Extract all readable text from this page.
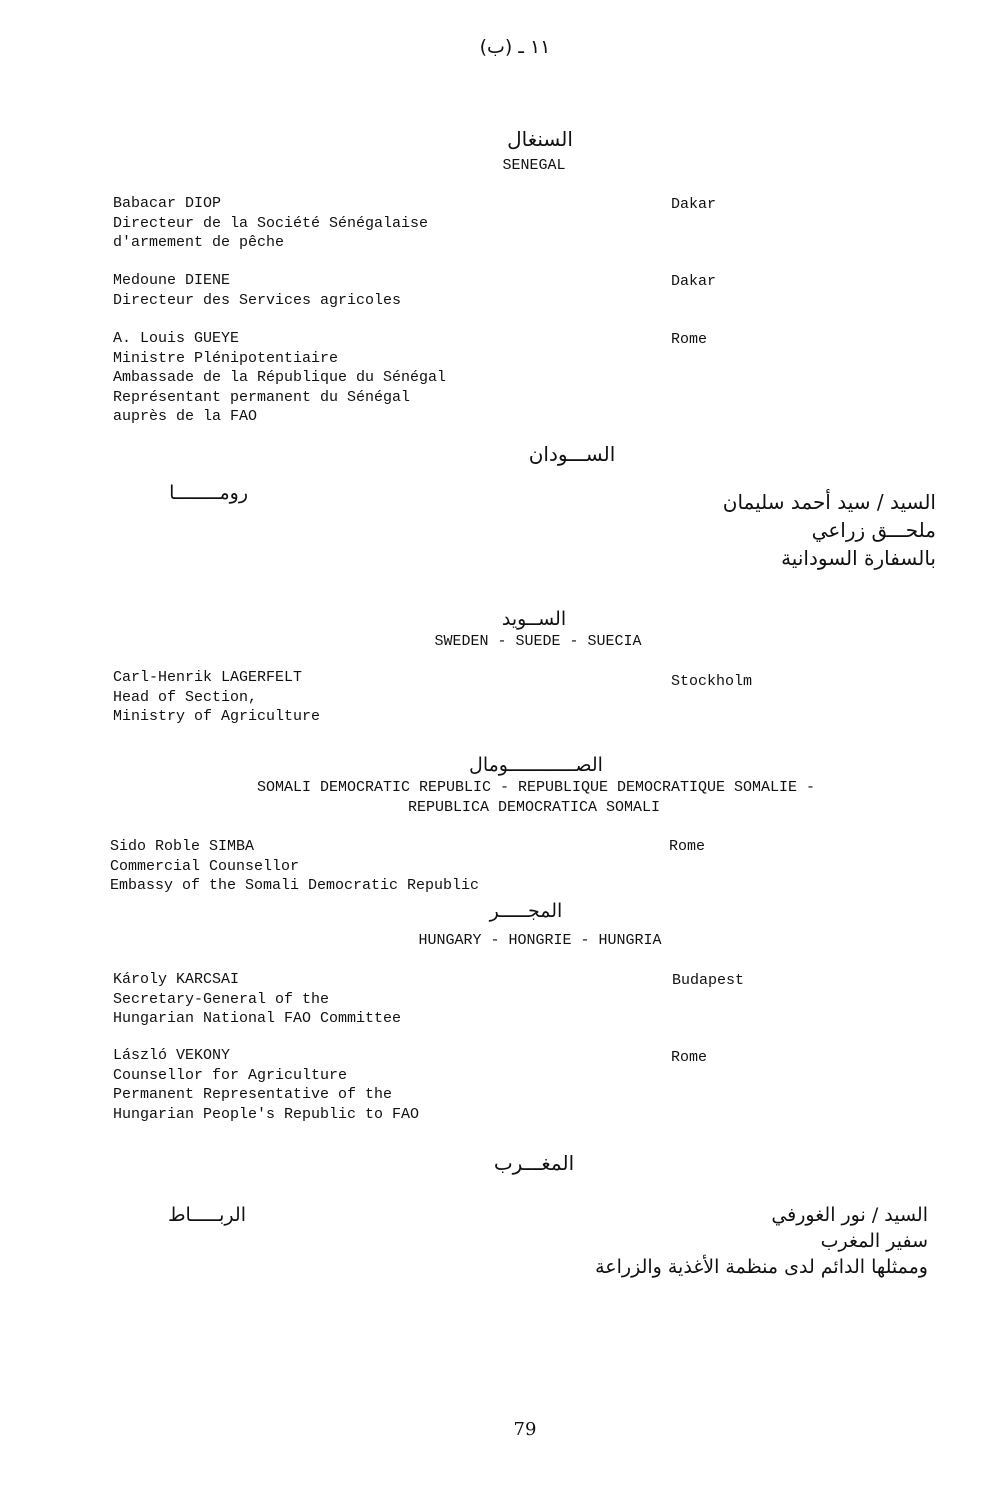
١١ ـ (ب)
السنغال
SENEGAL
Babacar DIOP
Directeur de la Société Sénégalaise
d'armement de pêche
Dakar
Medoune DIENE
Directeur des Services agricoles
Dakar
A. Louis GUEYE
Ministre Plénipotentiaire
Ambassade de la République du Sénégal
Représentant permanent du Sénégal
auprès de la FAO
Rome
الســـودان
رومــــــــا	السيد / سيد أحمد سليمان
ملحـــق زراعي
بالسفارة السودانية
الســويد
SWEDEN - SUEDE - SUECIA
Carl-Henrik LAGERFELT
Head of Section,
Ministry of Agriculture
Stockholm
الصــــــــــــومال
SOMALI DEMOCRATIC REPUBLIC - REPUBLIQUE DEMOCRATIQUE SOMALIE -
REPUBLICA DEMOCRATICA SOMALI
Sido Roble SIMBA
Commercial Counsellor
Embassy of the Somali Democratic Republic
Rome
المجـــــر
HUNGARY - HONGRIE - HUNGRIA
Károly KARCSAI
Secretary-General of the
Hungarian National FAO Committee
Budapest
László VEKONY
Counsellor for Agriculture
Permanent Representative of the
Hungarian People's Republic to FAO
Rome
المغـــرب
الربـــــاط	السيد / نور الغورفي
سفير المغرب
وممثلها الدائم لدى منظمة الأغذية والزراعة
79
